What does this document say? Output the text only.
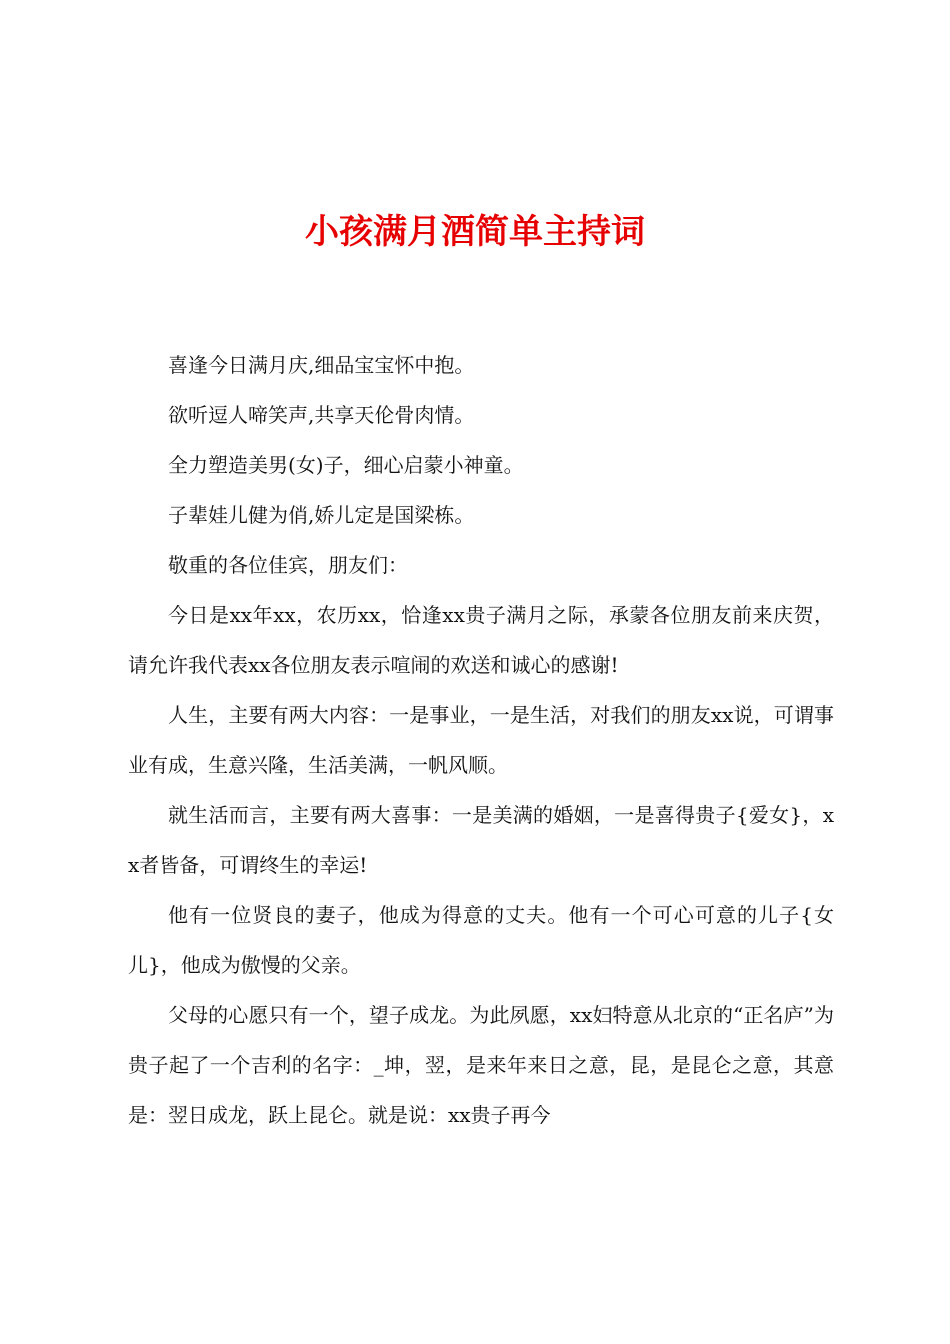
小孩满月酒简单主持词

喜逢今日满月庆,细品宝宝怀中抱。

欲听逗人啼笑声,共享天伦骨肉情。

全力塑造美男(女)子，细心启蒙小神童。

子辈娃儿健为俏,娇儿定是国梁栋。

敬重的各位佳宾，朋友们：

今日是xx年xx，农历xx，恰逢xx贵子满月之际，承蒙各位朋友前来庆贺，请允许我代表xx各位朋友表示喧闹的欢送和诚心的感谢!

人生，主要有两大内容：一是事业，一是生活，对我们的朋友xx说，可谓事业有成，生意兴隆，生活美满，一帆风顺。

就生活而言，主要有两大喜事：一是美满的婚姻，一是喜得贵子{爱女}，xx者皆备，可谓终生的幸运!

他有一位贤良的妻子，他成为得意的丈夫。他有一个可心可意的儿子{女儿}，他成为傲慢的父亲。

父母的心愿只有一个，望子成龙。为此夙愿，xx妇特意从北京的“正名庐”为贵子起了一个吉利的名字：_坤，翌，是来年来日之意，昆，是昆仑之意，其意是：翌日成龙，跃上昆仑。就是说：xx贵子再今
